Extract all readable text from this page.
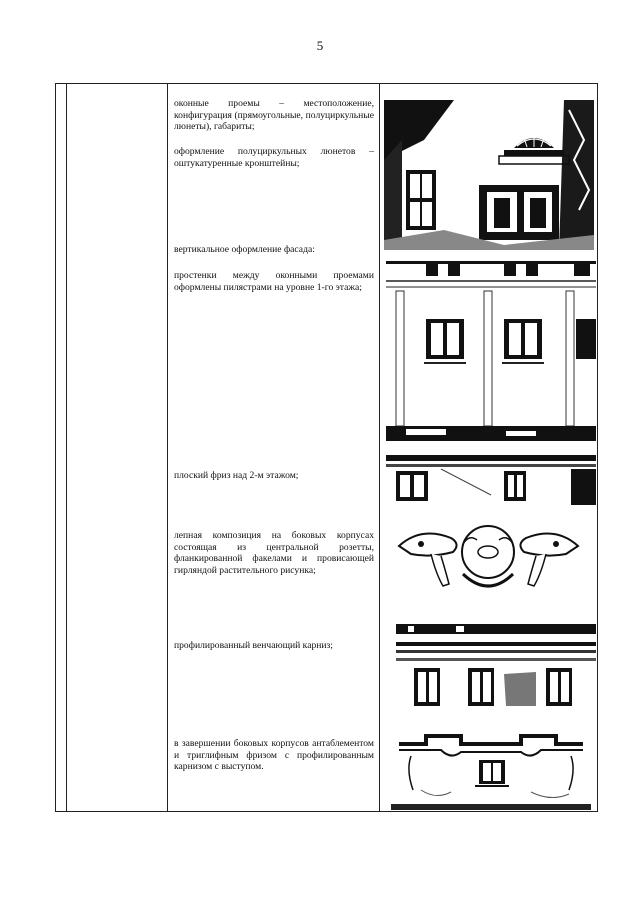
5
оконные проемы – местоположение, конфигурация (прямоугольные, полуциркульные люнеты), габариты;
оформление полуциркульных люнетов – оштукатуренные кронштейны;
вертикальное оформление фасада:
простенки между оконными проемами оформлены пилястрами на уровне 1-го этажа;
плоский фриз над 2-м этажом;
лепная композиция на боковых корпусах состоящая из центральной розетты, фланкированной факелами и провисающей гирляндой растительного рисунка;
профилированный венчающий карниз;
в завершении боковых корпусов антаблементом и триглифным фризом с профилированным карнизом с выступом.
